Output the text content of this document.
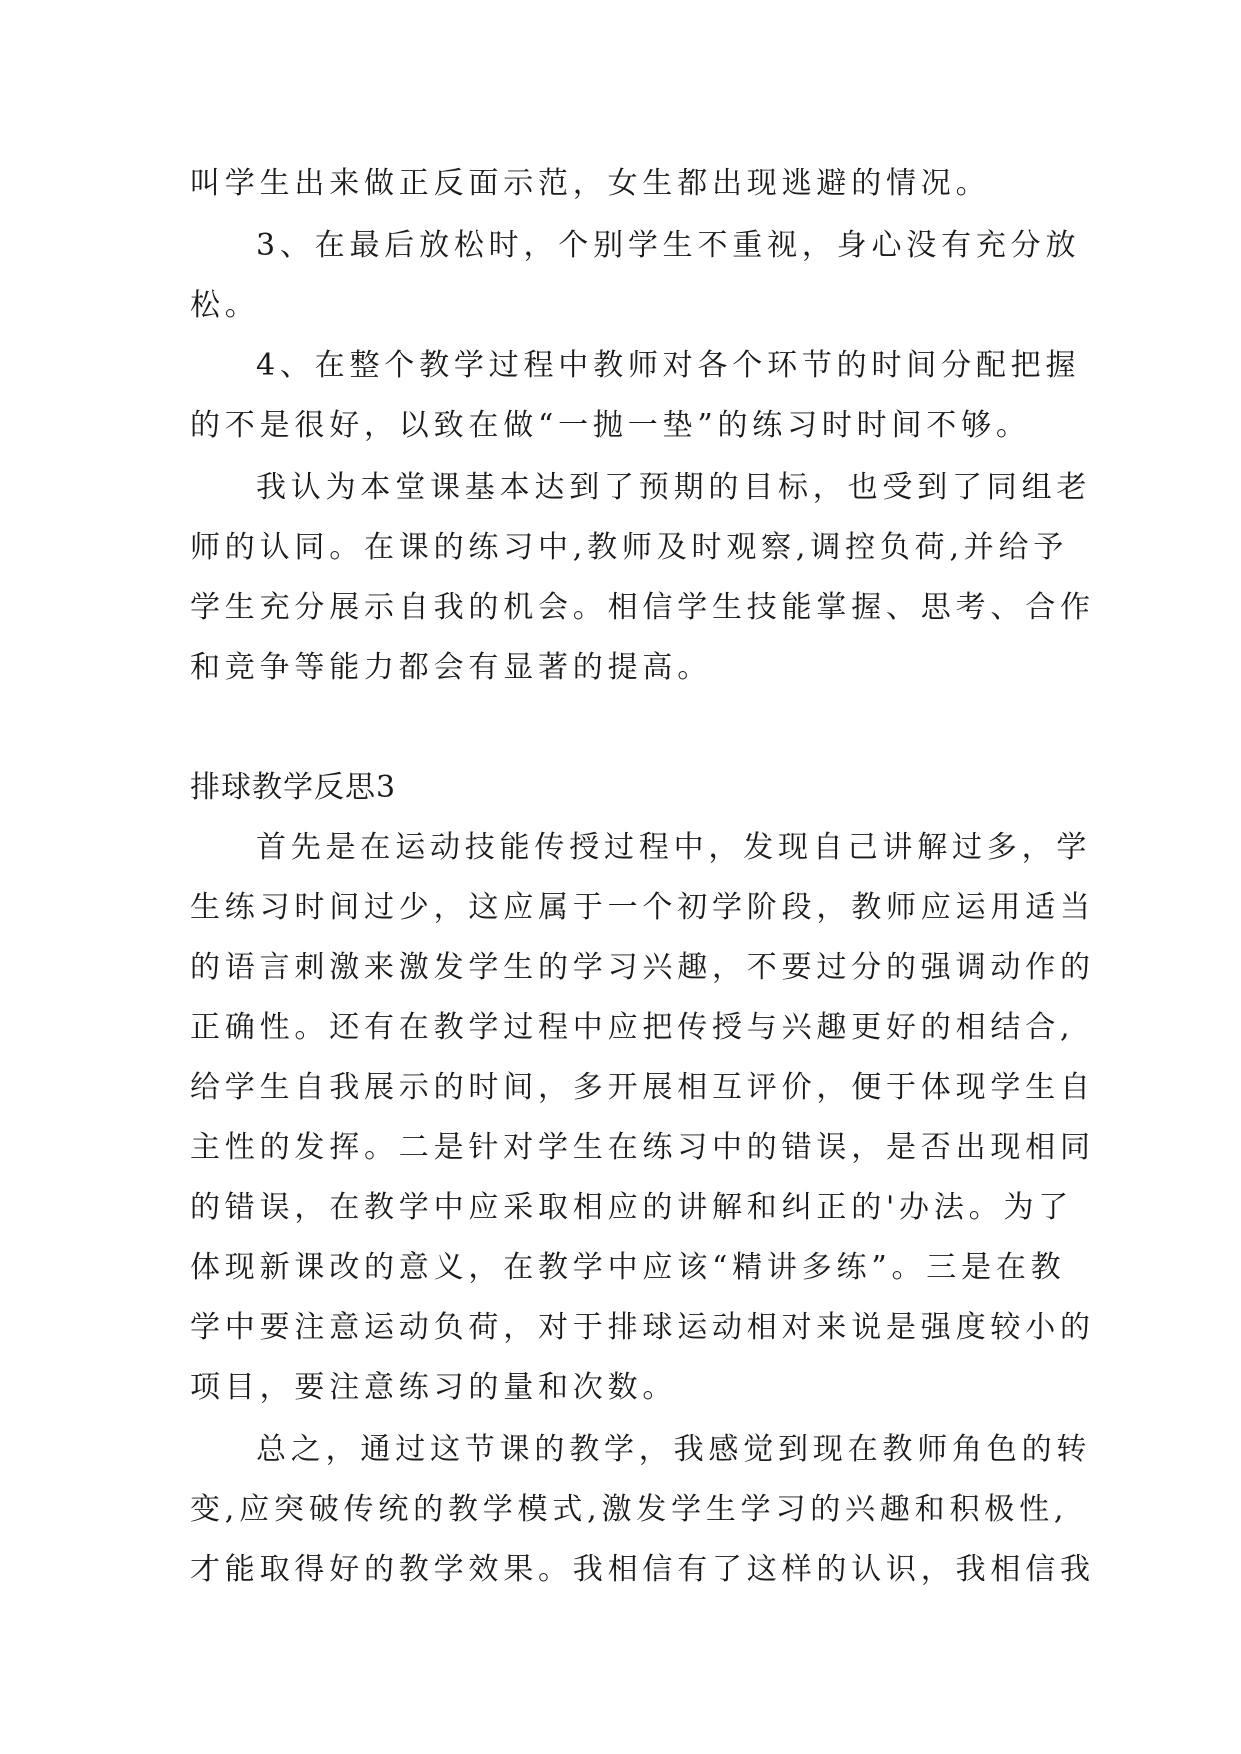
叫学生出来做正反面示范，女生都出现逃避的情况。

3、在最后放松时，个别学生不重视，身心没有充分放

松。

4、在整个教学过程中教师对各个环节的时间分配把握

的不是很好，以致在做“一抛一垫”的练习时时间不够。

我认为本堂课基本达到了预期的目标，也受到了同组老

师的认同。在课的练习中,教师及时观察,调控负荷,并给予

学生充分展示自我的机会。相信学生技能掌握、思考、合作

和竞争等能力都会有显著的提高。

排球教学反思3

首先是在运动技能传授过程中，发现自己讲解过多，学

生练习时间过少，这应属于一个初学阶段，教师应运用适当

的语言刺激来激发学生的学习兴趣，不要过分的强调动作的

正确性。还有在教学过程中应把传授与兴趣更好的相结合,

给学生自我展示的时间，多开展相互评价，便于体现学生自

主性的发挥。二是针对学生在练习中的错误，是否出现相同

的错误，在教学中应采取相应的讲解和纠正的'办法。为了

体现新课改的意义，在教学中应该“精讲多练”。三是在教

学中要注意运动负荷，对于排球运动相对来说是强度较小的

项目，要注意练习的量和次数。

总之，通过这节课的教学，我感觉到现在教师角色的转

变,应突破传统的教学模式,激发学生学习的兴趣和积极性,

才能取得好的教学效果。我相信有了这样的认识，我相信我
